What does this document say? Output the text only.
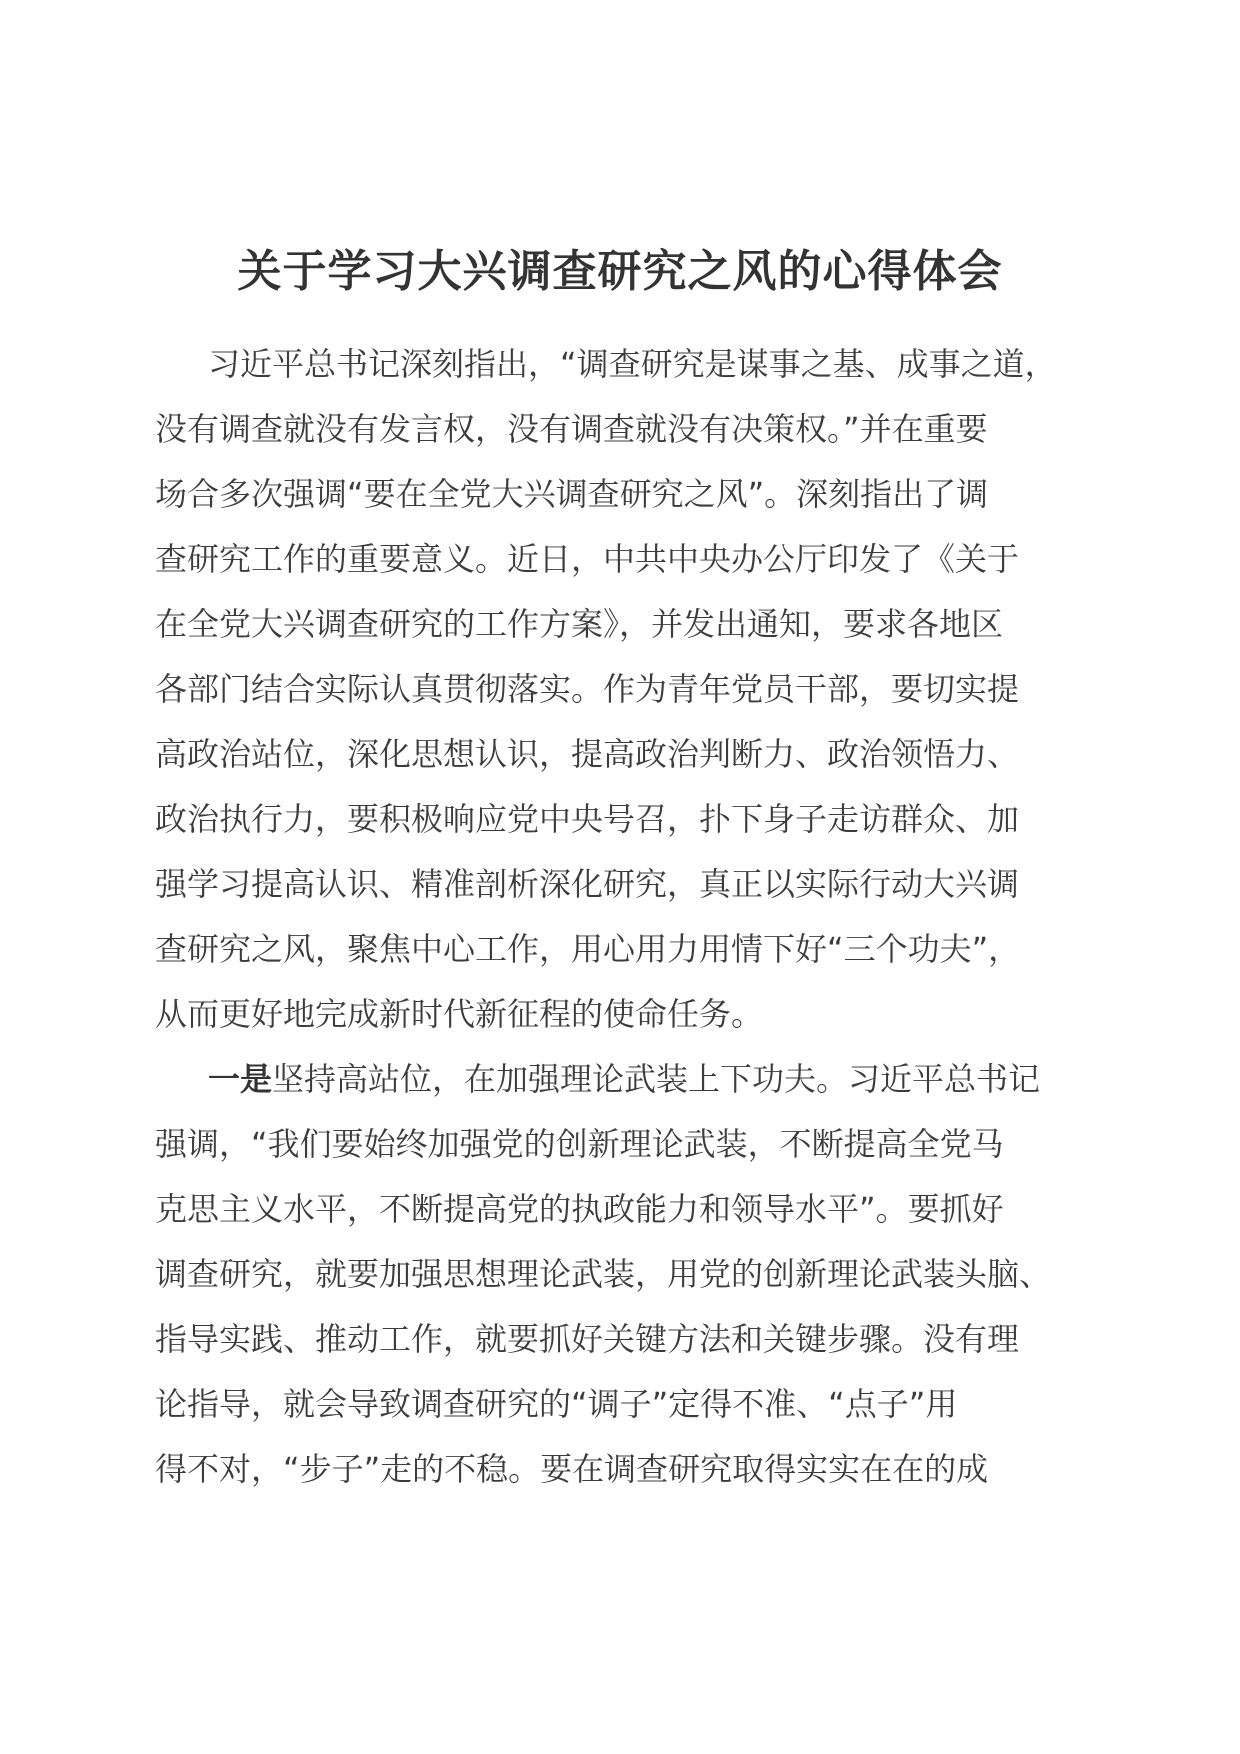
关于学习大兴调查研究之风的心得体会
习近平总书记深刻指出，“调查研究是谋事之基、成事之道，
没有调查就没有发言权，没有调查就没有决策权。”并在重要
场合多次强调“要在全党大兴调查研究之风”。深刻指出了调
查研究工作的重要意义。近日，中共中央办公厅印发了《关于
在全党大兴调查研究的工作方案》，并发出通知，要求各地区
各部门结合实际认真贯彻落实。作为青年党员干部，要切实提
高政治站位，深化思想认识，提高政治判断力、政治领悟力、
政治执行力，要积极响应党中央号召，扑下身子走访群众、加
强学习提高认识、精准剖析深化研究，真正以实际行动大兴调
查研究之风，聚焦中心工作，用心用力用情下好“三个功夫”，
从而更好地完成新时代新征程的使命任务。
一是坚持高站位，在加强理论武装上下功夫。习近平总书记
强调，“我们要始终加强党的创新理论武装，不断提高全党马
克思主义水平，不断提高党的执政能力和领导水平”。要抓好
调查研究，就要加强思想理论武装，用党的创新理论武装头脑、
指导实践、推动工作，就要抓好关键方法和关键步骤。没有理
论指导，就会导致调查研究的“调子”定得不准、“点子”用
得不对，“步子”走的不稳。要在调查研究取得实实在在的成
